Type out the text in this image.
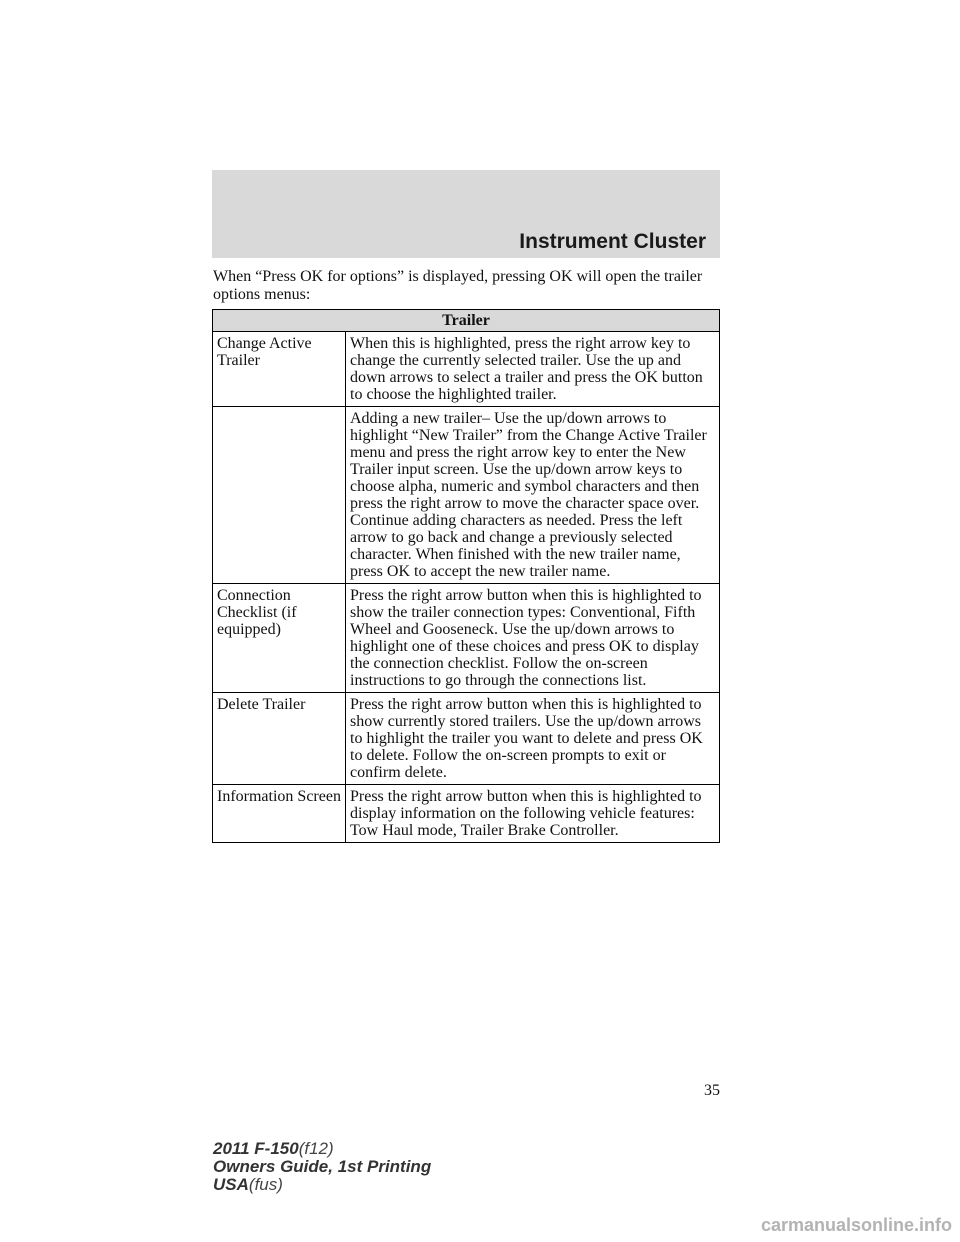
Instrument Cluster

When “Press OK for options” is displayed, pressing OK will open the trailer options menus:

Trailer	
Change Active Trailer	When this is highlighted, press the right arrow key to change the currently selected trailer. Use the up and down arrows to select a trailer and press the OK button to choose the highlighted trailer.
	Adding a new trailer– Use the up/down arrows to highlight “New Trailer” from the Change Active Trailer menu and press the right arrow key to enter the New Trailer input screen. Use the up/down arrow keys to choose alpha, numeric and symbol characters and then press the right arrow to move the character space over. Continue adding characters as needed. Press the left arrow to go back and change a previously selected character. When finished with the new trailer name, press OK to accept the new trailer name.
Connection Checklist (if equipped)	Press the right arrow button when this is highlighted to show the trailer connection types: Conventional, Fifth Wheel and Gooseneck. Use the up/down arrows to highlight one of these choices and press OK to display the connection checklist. Follow the on-screen instructions to go through the connections list.
Delete Trailer	Press the right arrow button when this is highlighted to show currently stored trailers. Use the up/down arrows to highlight the trailer you want to delete and press OK to delete. Follow the on-screen prompts to exit or confirm delete.
Information Screen	Press the right arrow button when this is highlighted to display information on the following vehicle features: Tow Haul mode, Trailer Brake Controller.
35
2011 F-150(f12)
Owners Guide, 1st Printing
USA(fus)
carmanualsonline.info
